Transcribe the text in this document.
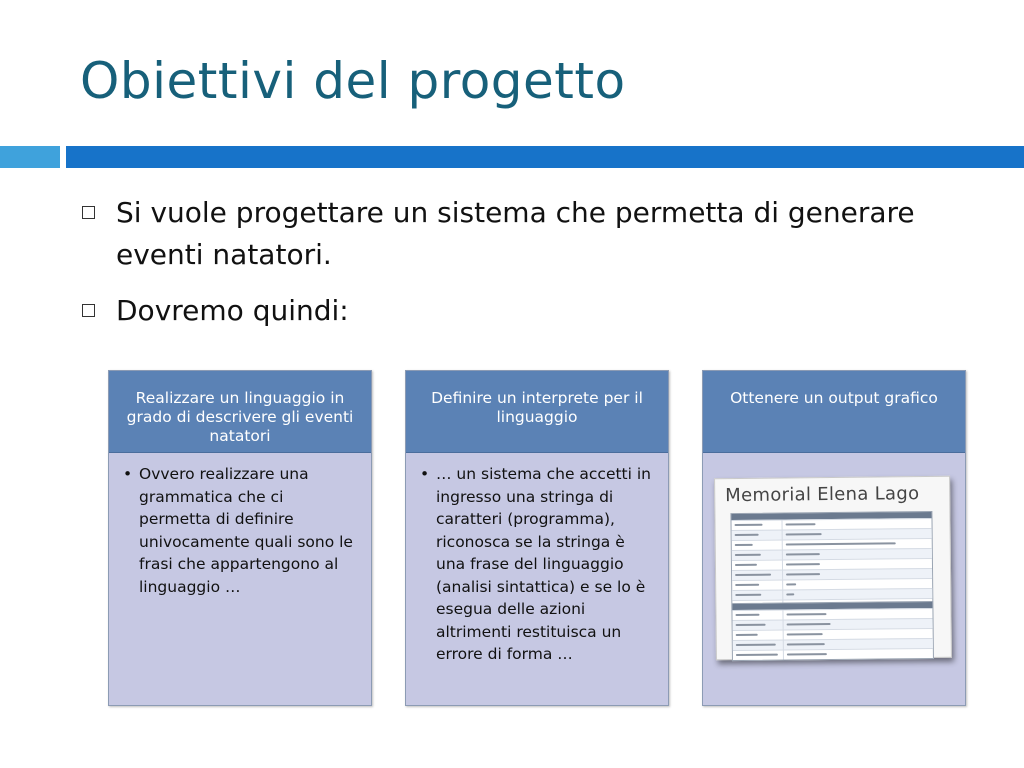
Obiettivi del progetto
Si vuole progettare un sistema che permetta di generare eventi natatori.
Dovremo quindi:
Realizzare un linguaggio in grado di descrivere gli eventi natatori
• Ovvero realizzare una grammatica che ci permetta di definire univocamente quali sono le frasi che appartengono al linguaggio …
Definire un interprete per il linguaggio
• … un sistema che accetti in ingresso una stringa di caratteri (programma), riconosca se la stringa è una frase del linguaggio (analisi sintattica) e se lo è esegua delle azioni altrimenti restituisca un errore di forma …
Ottenere un output grafico
Memorial Elena Lago
